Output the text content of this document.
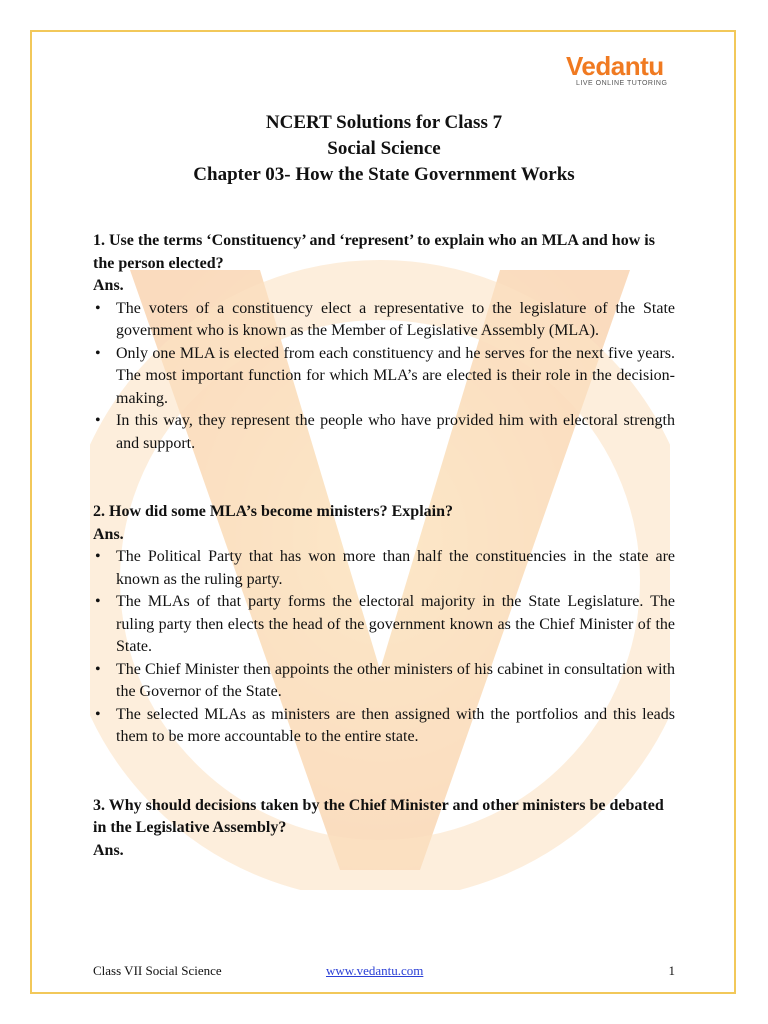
Vedantu
LIVE ONLINE TUTORING
NCERT Solutions for Class 7
Social Science
Chapter 03- How the State Government Works

1. Use the terms ‘Constituency’ and ‘represent’ to explain who an MLA and how is the person elected?

Ans.

• The voters of a constituency elect a representative to the legislature of the State government who is known as the Member of Legislative Assembly (MLA).
• Only one MLA is elected from each constituency and he serves for the next five years. The most important function for which MLA’s are elected is their role in the decision-making.
• In this way, they represent the people who have provided him with electoral strength and support.

2. How did some MLA’s become ministers? Explain?

Ans.

• The Political Party that has won more than half the constituencies in the state are known as the ruling party.
• The MLAs of that party forms the electoral majority in the State Legislature. The ruling party then elects the head of the government known as the Chief Minister of the State.
• The Chief Minister then appoints the other ministers of his cabinet in consultation with the Governor of the State.
• The selected MLAs as ministers are then assigned with the portfolios and this leads them to be more accountable to the entire state.

3. Why should decisions taken by the Chief Minister and other ministers be debated in the Legislative Assembly?

Ans.

Class VII Social Science	www.vedantu.com	1
